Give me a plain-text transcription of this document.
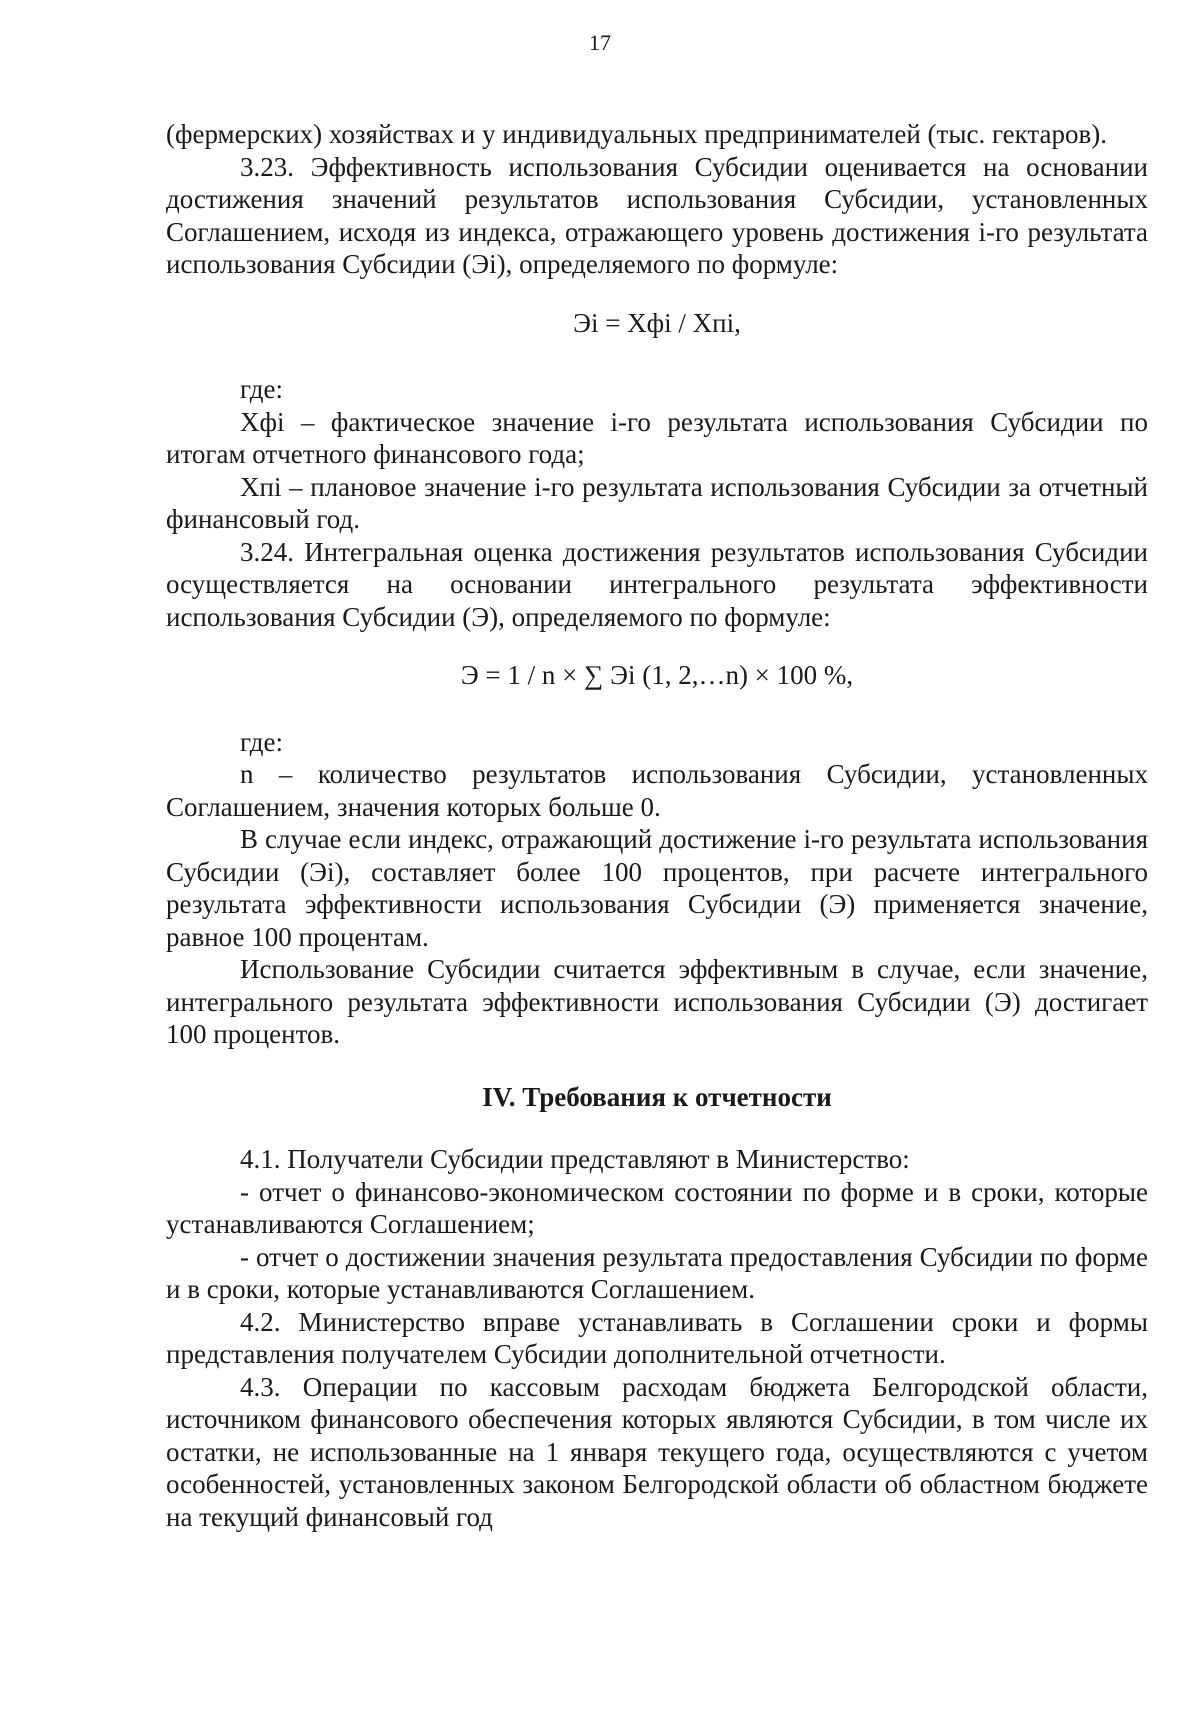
17

(фермерских) хозяйствах и у индивидуальных предпринимателей (тыс. гектаров).

3.23. Эффективность использования Субсидии оценивается на основании достижения значений результатов использования Субсидии, установленных Соглашением, исходя из индекса, отражающего уровень достижения i-го результата использования Субсидии (Эi), определяемого по формуле:

Эi = Хфi / Хпi,

где:

Хфi – фактическое значение i-го результата использования Субсидии по итогам отчетного финансового года;

Хпi – плановое значение i-го результата использования Субсидии за отчетный финансовый год.

3.24. Интегральная оценка достижения результатов использования Субсидии осуществляется на основании интегрального результата эффективности использования Субсидии (Э), определяемого по формуле:

Э = 1 / n × ∑ Эi (1, 2,…n) × 100 %,

где:

n – количество результатов использования Субсидии, установленных Соглашением, значения которых больше 0.

В случае если индекс, отражающий достижение i-го результата использования Субсидии (Эi), составляет более 100 процентов, при расчете интегрального результата эффективности использования Субсидии (Э) применяется значение, равное 100 процентам.

Использование Субсидии считается эффективным в случае, если значение, интегрального результата эффективности использования Субсидии (Э) достигает 100 процентов.

IV. Требования к отчетности

4.1. Получатели Субсидии представляют в Министерство:

- отчет о финансово-экономическом состоянии по форме и в сроки, которые устанавливаются Соглашением;

- отчет о достижении значения результата предоставления Субсидии по форме и в сроки, которые устанавливаются Соглашением.

4.2. Министерство вправе устанавливать в Соглашении сроки и формы представления получателем Субсидии дополнительной отчетности.

4.3. Операции по кассовым расходам бюджета Белгородской области, источником финансового обеспечения которых являются Субсидии, в том числе их остатки, не использованные на 1 января текущего года, осуществляются с учетом особенностей, установленных законом Белгородской области об областном бюджете на текущий финансовый год
